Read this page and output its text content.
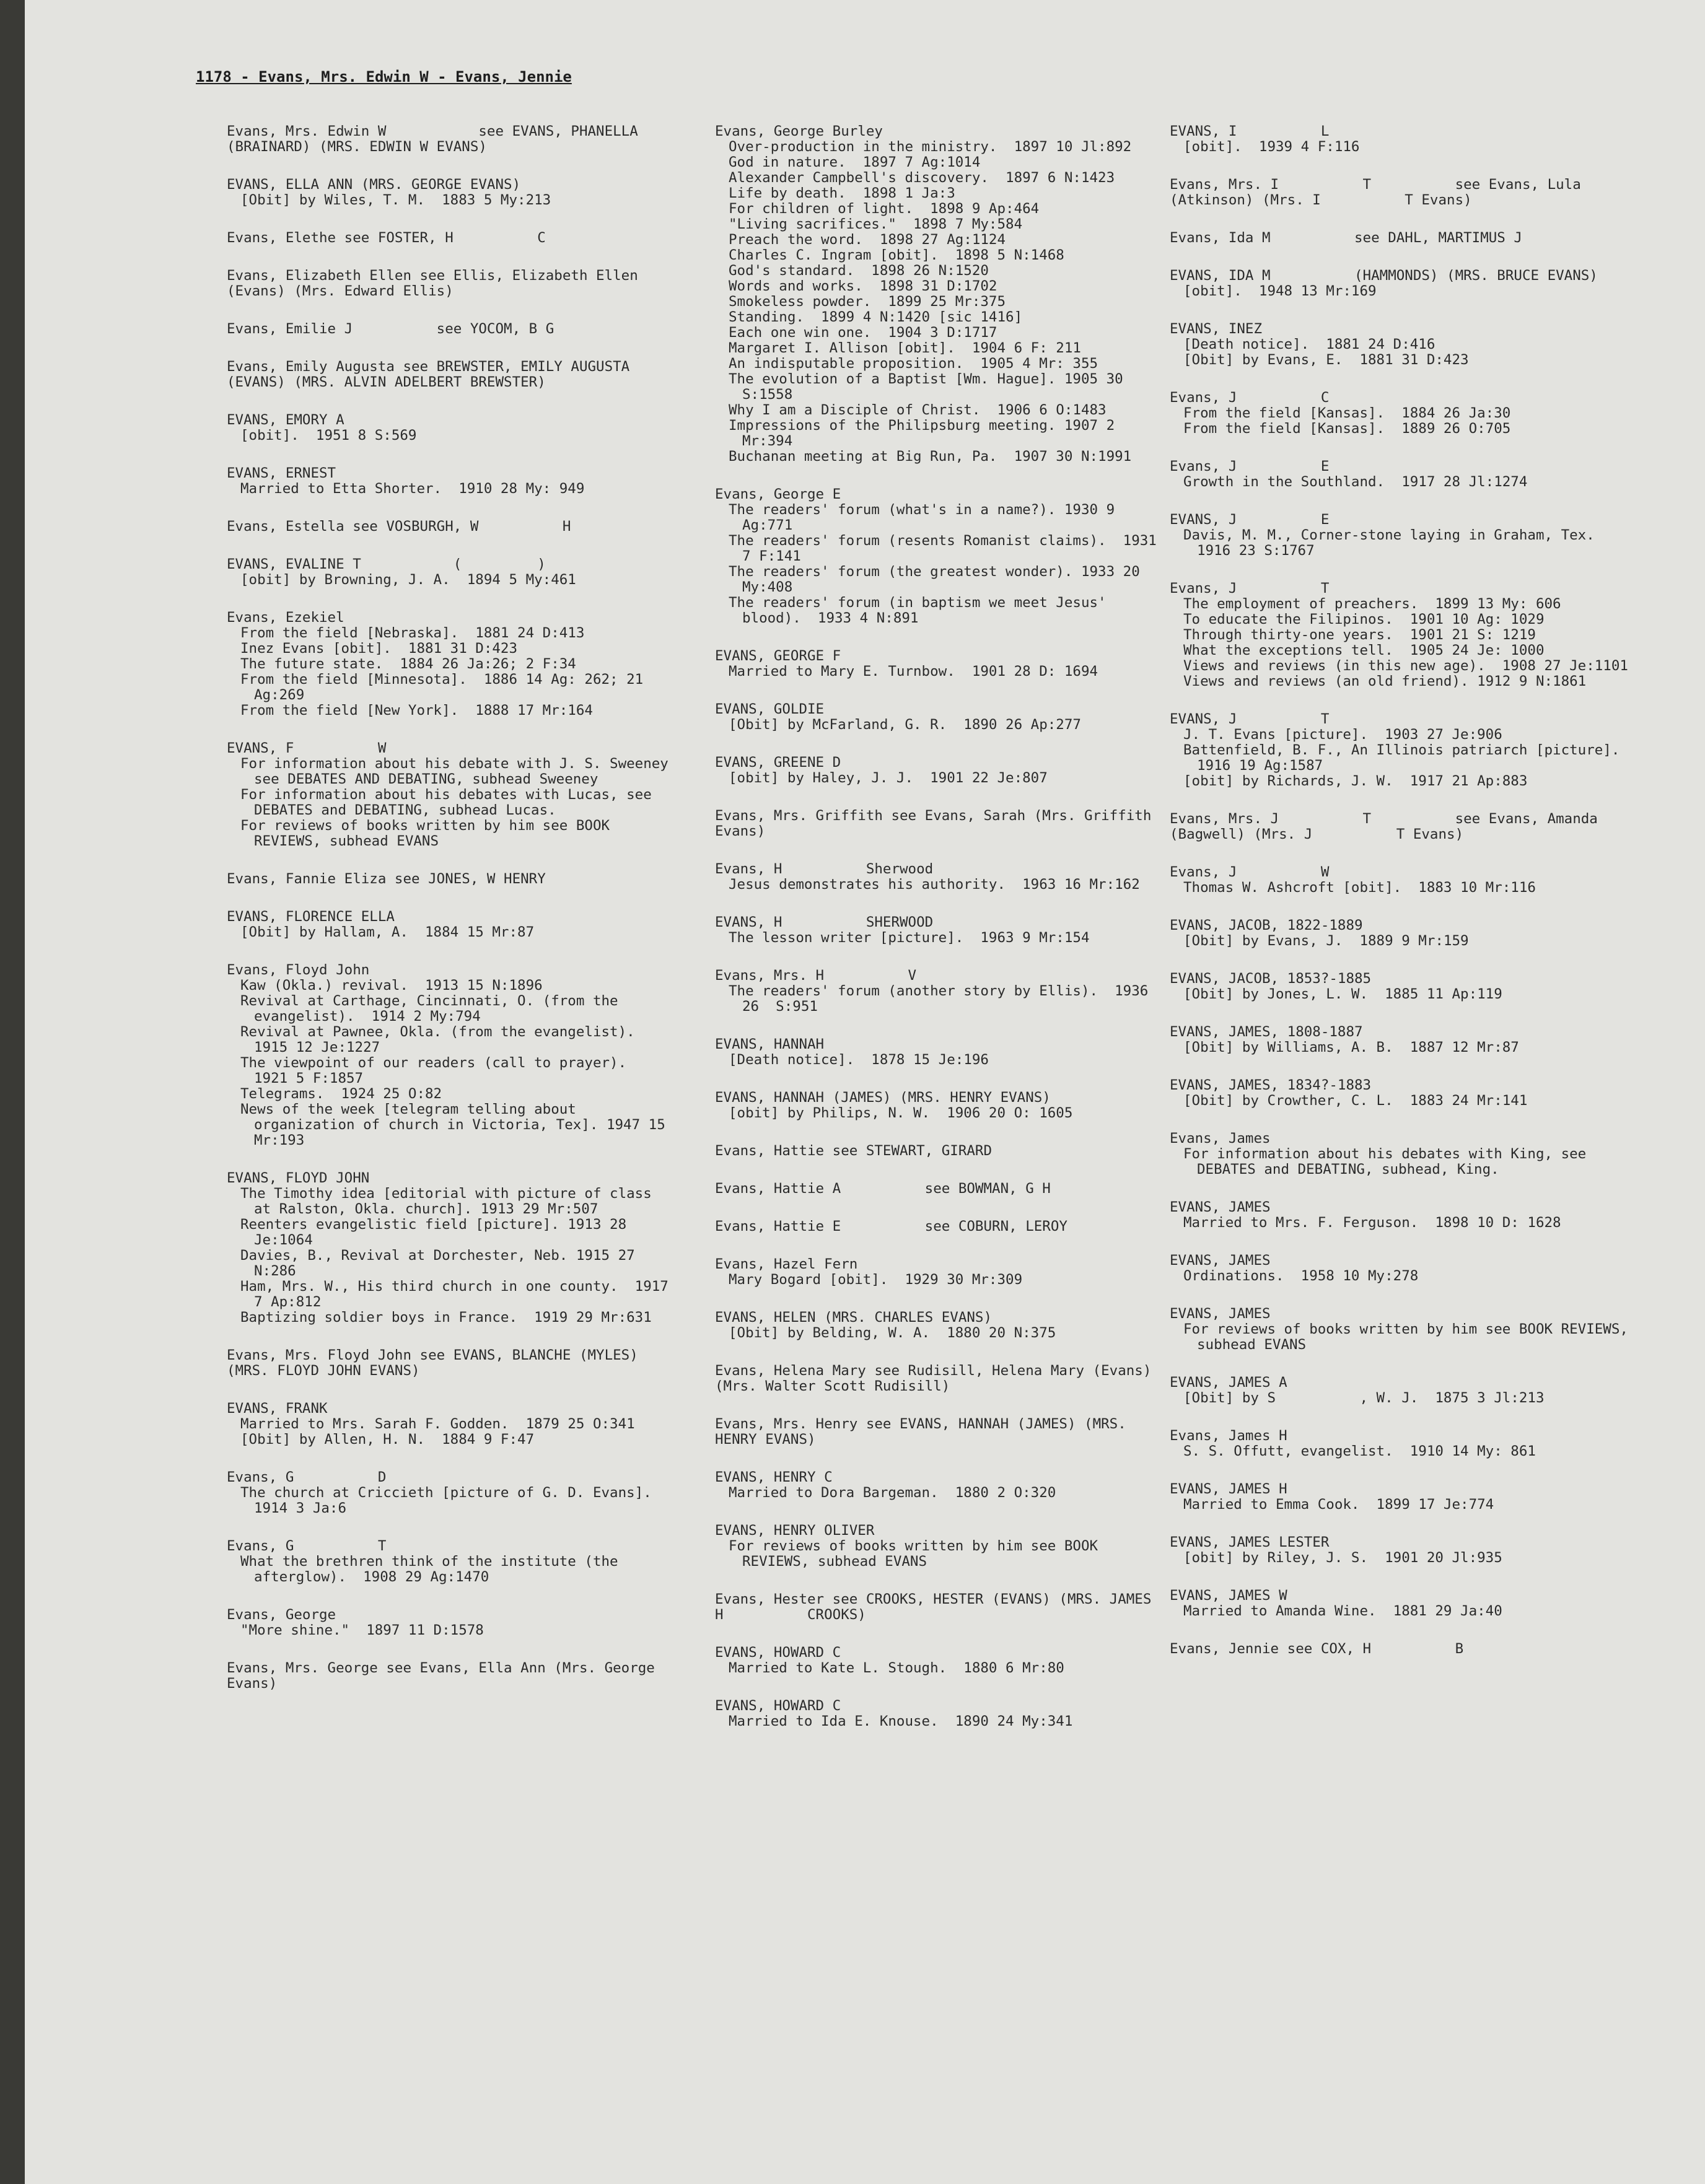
1178 - Evans, Mrs. Edwin W - Evans, Jennie
Evans, Mrs. Edwin W           see EVANS, PHANELLA (BRAINARD) (MRS. EDWIN W EVANS)
EVANS, ELLA ANN (MRS. GEORGE EVANS)
[Obit] by Wiles, T. M.  1883 5 My:213
Evans, Elethe see FOSTER, H          C
Evans, Elizabeth Ellen see Ellis, Elizabeth Ellen (Evans) (Mrs. Edward Ellis)
Evans, Emilie J          see YOCOM, B G
Evans, Emily Augusta see BREWSTER, EMILY AUGUSTA (EVANS) (MRS. ALVIN ADELBERT BREWSTER)
EVANS, EMORY A
[obit].  1951 8 S:569
EVANS, ERNEST
Married to Etta Shorter.  1910 28 My: 949
Evans, Estella see VOSBURGH, W          H
EVANS, EVALINE T           (         )
[obit] by Browning, J. A.  1894 5 My:461
Evans, Ezekiel
From the field [Nebraska].  1881 24 D:413
Inez Evans [obit].  1881 31 D:423
The future state.  1884 26 Ja:26; 2 F:34
From the field [Minnesota].  1886 14 Ag: 262; 21 Ag:269
From the field [New York].  1888 17 Mr:164
EVANS, F          W
For information about his debate with J. S. Sweeney see DEBATES AND DEBATING, subhead Sweeney
For information about his debates with Lucas, see DEBATES and DEBATING, subhead Lucas.
For reviews of books written by him see BOOK REVIEWS, subhead EVANS
Evans, Fannie Eliza see JONES, W HENRY
EVANS, FLORENCE ELLA
[Obit] by Hallam, A.  1884 15 Mr:87
Evans, Floyd John
Kaw (Okla.) revival.  1913 15 N:1896
Revival at Carthage, Cincinnati, O. (from the evangelist).  1914 2 My:794
Revival at Pawnee, Okla. (from the evangelist).  1915 12 Je:1227
The viewpoint of our readers (call to prayer).  1921 5 F:1857
Telegrams.  1924 25 O:82
News of the week [telegram telling about organization of church in Victoria, Tex]. 1947 15 Mr:193
EVANS, FLOYD JOHN
The Timothy idea [editorial with picture of class at Ralston, Okla. church]. 1913 29 Mr:507
Reenters evangelistic field [picture]. 1913 28 Je:1064
Davies, B., Revival at Dorchester, Neb. 1915 27 N:286
Ham, Mrs. W., His third church in one county.  1917 7 Ap:812
Baptizing soldier boys in France.  1919 29 Mr:631
Evans, Mrs. Floyd John see EVANS, BLANCHE (MYLES) (MRS. FLOYD JOHN EVANS)
EVANS, FRANK
Married to Mrs. Sarah F. Godden.  1879 25 O:341
[Obit] by Allen, H. N.  1884 9 F:47
Evans, G          D
The church at Criccieth [picture of G. D. Evans].  1914 3 Ja:6
Evans, G          T
What the brethren think of the institute (the afterglow).  1908 29 Ag:1470
Evans, George
"More shine."  1897 11 D:1578
Evans, Mrs. George see Evans, Ella Ann (Mrs. George Evans)
Evans, George Burley
Over-production in the ministry.  1897 10 Jl:892
God in nature.  1897 7 Ag:1014
Alexander Campbell's discovery.  1897 6 N:1423
Life by death.  1898 1 Ja:3
For children of light.  1898 9 Ap:464
"Living sacrifices."  1898 7 My:584
Preach the word.  1898 27 Ag:1124
Charles C. Ingram [obit].  1898 5 N:1468
God's standard.  1898 26 N:1520
Words and works.  1898 31 D:1702
Smokeless powder.  1899 25 Mr:375
Standing.  1899 4 N:1420 [sic 1416]
Each one win one.  1904 3 D:1717
Margaret I. Allison [obit].  1904 6 F: 211
An indisputable proposition.  1905 4 Mr: 355
The evolution of a Baptist [Wm. Hague]. 1905 30 S:1558
Why I am a Disciple of Christ.  1906 6 O:1483
Impressions of the Philipsburg meeting. 1907 2 Mr:394
Buchanan meeting at Big Run, Pa.  1907 30 N:1991
Evans, George E
The readers' forum (what's in a name?). 1930 9 Ag:771
The readers' forum (resents Romanist claims).  1931 7 F:141
The readers' forum (the greatest wonder). 1933 20 My:408
The readers' forum (in baptism we meet Jesus' blood).  1933 4 N:891
EVANS, GEORGE F
Married to Mary E. Turnbow.  1901 28 D: 1694
EVANS, GOLDIE
[Obit] by McFarland, G. R.  1890 26 Ap:277
EVANS, GREENE D
[obit] by Haley, J. J.  1901 22 Je:807
Evans, Mrs. Griffith see Evans, Sarah (Mrs. Griffith Evans)
Evans, H          Sherwood
Jesus demonstrates his authority.  1963 16 Mr:162
EVANS, H          SHERWOOD
The lesson writer [picture].  1963 9 Mr:154
Evans, Mrs. H          V
The readers' forum (another story by Ellis).  1936 26  S:951
EVANS, HANNAH
[Death notice].  1878 15 Je:196
EVANS, HANNAH (JAMES) (MRS. HENRY EVANS)
[obit] by Philips, N. W.  1906 20 O: 1605
Evans, Hattie see STEWART, GIRARD
Evans, Hattie A          see BOWMAN, G H
Evans, Hattie E          see COBURN, LEROY
Evans, Hazel Fern
Mary Bogard [obit].  1929 30 Mr:309
EVANS, HELEN (MRS. CHARLES EVANS)
[Obit] by Belding, W. A.  1880 20 N:375
Evans, Helena Mary see Rudisill, Helena Mary (Evans) (Mrs. Walter Scott Rudisill)
Evans, Mrs. Henry see EVANS, HANNAH (JAMES) (MRS. HENRY EVANS)
EVANS, HENRY C
Married to Dora Bargeman.  1880 2 O:320
EVANS, HENRY OLIVER
For reviews of books written by him see BOOK REVIEWS, subhead EVANS
Evans, Hester see CROOKS, HESTER (EVANS) (MRS. JAMES H          CROOKS)
EVANS, HOWARD C
Married to Kate L. Stough.  1880 6 Mr:80
EVANS, HOWARD C
Married to Ida E. Knouse.  1890 24 My:341
EVANS, I          L
[obit].  1939 4 F:116
Evans, Mrs. I          T          see Evans, Lula (Atkinson) (Mrs. I          T Evans)
Evans, Ida M          see DAHL, MARTIMUS J
EVANS, IDA M          (HAMMONDS) (MRS. BRUCE EVANS)
[obit].  1948 13 Mr:169
EVANS, INEZ
[Death notice].  1881 24 D:416
[Obit] by Evans, E.  1881 31 D:423
Evans, J          C
From the field [Kansas].  1884 26 Ja:30
From the field [Kansas].  1889 26 O:705
Evans, J          E
Growth in the Southland.  1917 28 Jl:1274
EVANS, J          E
Davis, M. M., Corner-stone laying in Graham, Tex.  1916 23 S:1767
Evans, J          T
The employment of preachers.  1899 13 My: 606
To educate the Filipinos.  1901 10 Ag: 1029
Through thirty-one years.  1901 21 S: 1219
What the exceptions tell.  1905 24 Je: 1000
Views and reviews (in this new age).  1908 27 Je:1101
Views and reviews (an old friend). 1912 9 N:1861
EVANS, J          T
J. T. Evans [picture].  1903 27 Je:906
Battenfield, B. F., An Illinois patriarch [picture].  1916 19 Ag:1587
[obit] by Richards, J. W.  1917 21 Ap:883
Evans, Mrs. J          T          see Evans, Amanda (Bagwell) (Mrs. J          T Evans)
Evans, J          W
Thomas W. Ashcroft [obit].  1883 10 Mr:116
EVANS, JACOB, 1822-1889
[Obit] by Evans, J.  1889 9 Mr:159
EVANS, JACOB, 1853?-1885
[Obit] by Jones, L. W.  1885 11 Ap:119
EVANS, JAMES, 1808-1887
[Obit] by Williams, A. B.  1887 12 Mr:87
EVANS, JAMES, 1834?-1883
[Obit] by Crowther, C. L.  1883 24 Mr:141
Evans, James
For information about his debates with King, see DEBATES and DEBATING, subhead, King.
EVANS, JAMES
Married to Mrs. F. Ferguson.  1898 10 D: 1628
EVANS, JAMES
Ordinations.  1958 10 My:278
EVANS, JAMES
For reviews of books written by him see BOOK REVIEWS, subhead EVANS
EVANS, JAMES A
[Obit] by S          , W. J.  1875 3 Jl:213
Evans, James H
S. S. Offutt, evangelist.  1910 14 My: 861
EVANS, JAMES H
Married to Emma Cook.  1899 17 Je:774
EVANS, JAMES LESTER
[obit] by Riley, J. S.  1901 20 Jl:935
EVANS, JAMES W
Married to Amanda Wine.  1881 29 Ja:40
Evans, Jennie see COX, H          B
